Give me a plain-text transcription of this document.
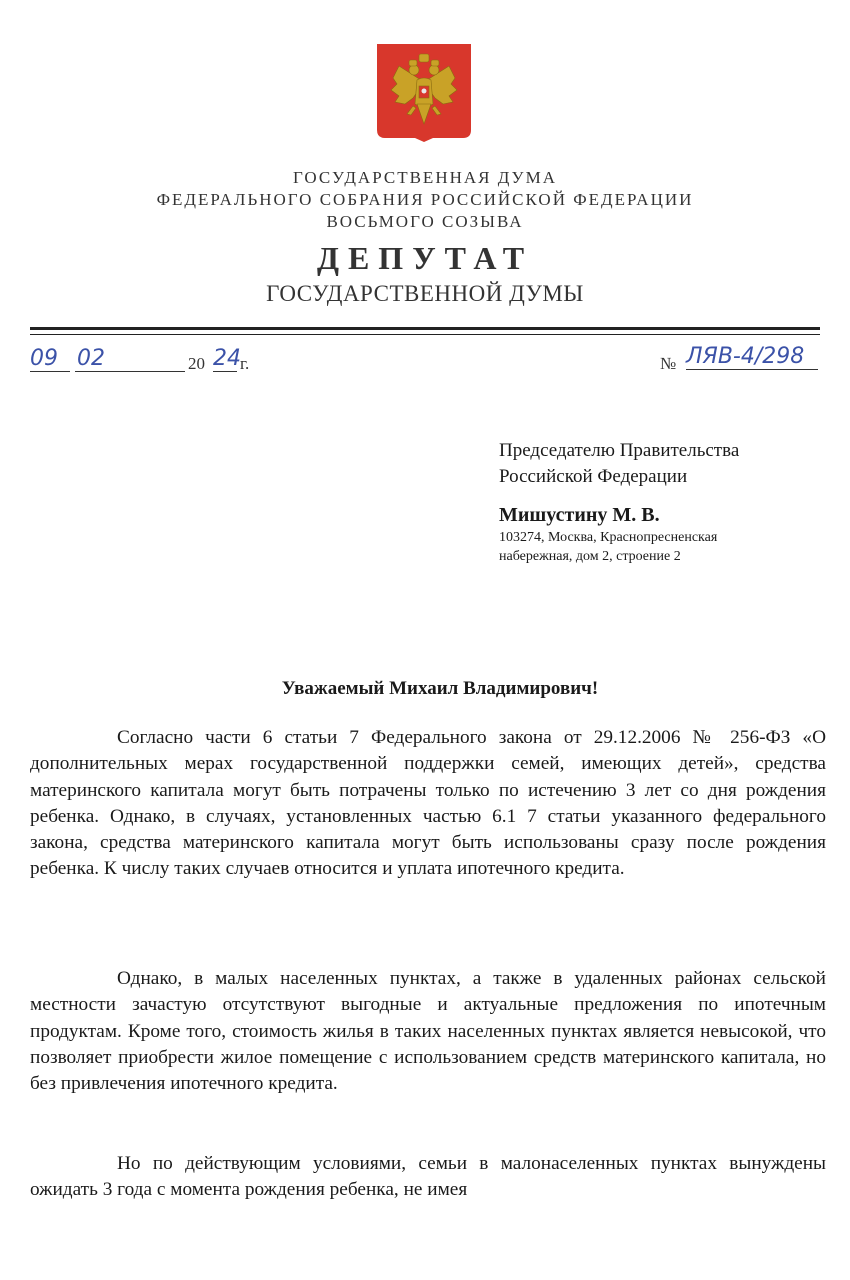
ГОСУДАРСТВЕННАЯ ДУМА
ФЕДЕРАЛЬНОГО СОБРАНИЯ РОССИЙСКОЙ ФЕДЕРАЦИИ
ВОСЬМОГО СОЗЫВА
ДЕПУТАТ
ГОСУДАРСТВЕННОЙ ДУМЫ
09 02	20 24 г.	№ ЛЯВ-4/298
Председателю Правительства
Российской Федерации
Мишустину М. В.
103274, Москва, Краснопресненская
набережная, дом 2, строение 2
Уважаемый Михаил Владимирович!

Согласно части 6 статьи 7 Федерального закона от 29.12.2006 № 256-ФЗ «О дополнительных мерах государственной поддержки семей, имеющих детей», средства материнского капитала могут быть потрачены только по истечению 3 лет со дня рождения ребенка. Однако, в случаях, установленных частью 6.1 7 статьи указанного федерального закона, средства материнского капитала могут быть использованы сразу после рождения ребенка. К числу таких случаев относится и уплата ипотечного кредита.

Однако, в малых населенных пунктах, а также в удаленных районах сельской местности зачастую отсутствуют выгодные и актуальные предложения по ипотечным продуктам. Кроме того, стоимость жилья в таких населенных пунктах является невысокой, что позволяет приобрести жилое помещение с использованием средств материнского капитала, но без привлечения ипотечного кредита.

Но по действующим условиями, семьи в малонаселенных пунктах вынуждены ожидать 3 года с момента рождения ребенка, не имея
